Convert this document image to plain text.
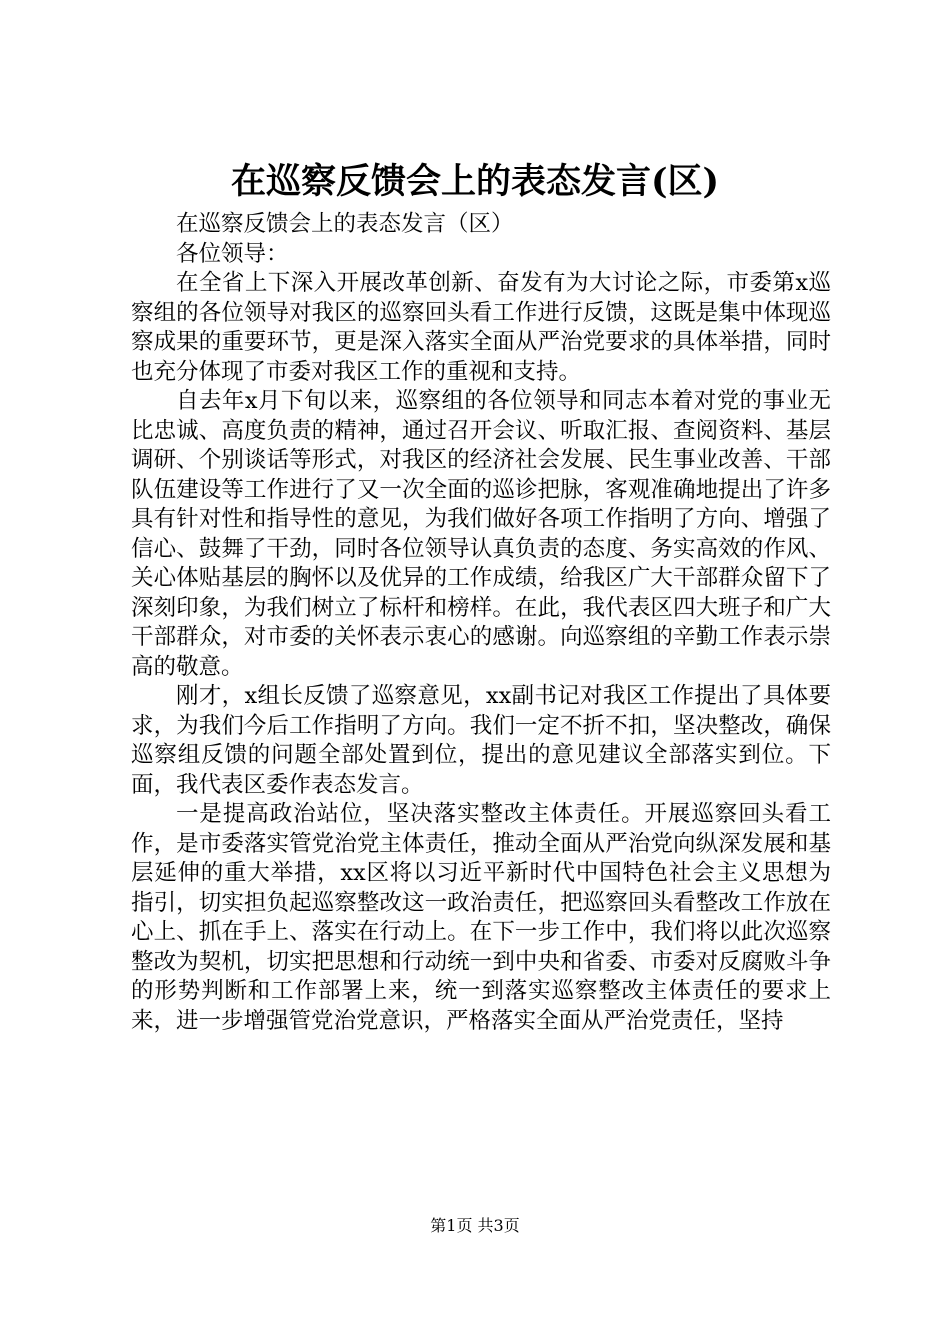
在巡察反馈会上的表态发言(区)

在巡察反馈会上的表态发言（区）

各位领导：

在全省上下深入开展改革创新、奋发有为大讨论之际，市委第x巡察组的各位领导对我区的巡察回头看工作进行反馈，这既是集中体现巡察成果的重要环节，更是深入落实全面从严治党要求的具体举措，同时也充分体现了市委对我区工作的重视和支持。

自去年x月下旬以来，巡察组的各位领导和同志本着对党的事业无比忠诚、高度负责的精神，通过召开会议、听取汇报、查阅资料、基层调研、个别谈话等形式，对我区的经济社会发展、民生事业改善、干部队伍建设等工作进行了又一次全面的巡诊把脉，客观准确地提出了许多具有针对性和指导性的意见，为我们做好各项工作指明了方向、增强了信心、鼓舞了干劲，同时各位领导认真负责的态度、务实高效的作风、关心体贴基层的胸怀以及优异的工作成绩，给我区广大干部群众留下了深刻印象，为我们树立了标杆和榜样。在此，我代表区四大班子和广大干部群众，对市委的关怀表示衷心的感谢。向巡察组的辛勤工作表示崇高的敬意。

刚才，x组长反馈了巡察意见，xx副书记对我区工作提出了具体要求，为我们今后工作指明了方向。我们一定不折不扣，坚决整改，确保巡察组反馈的问题全部处置到位，提出的意见建议全部落实到位。下面，我代表区委作表态发言。

一是提高政治站位，坚决落实整改主体责任。开展巡察回头看工作，是市委落实管党治党主体责任，推动全面从严治党向纵深发展和基层延伸的重大举措，xx区将以习近平新时代中国特色社会主义思想为指引，切实担负起巡察整改这一政治责任，把巡察回头看整改工作放在心上、抓在手上、落实在行动上。在下一步工作中，我们将以此次巡察整改为契机，切实把思想和行动统一到中央和省委、市委对反腐败斗争的形势判断和工作部署上来，统一到落实巡察整改主体责任的要求上来，进一步增强管党治党意识，严格落实全面从严治党责任，坚持

第1页 共3页
